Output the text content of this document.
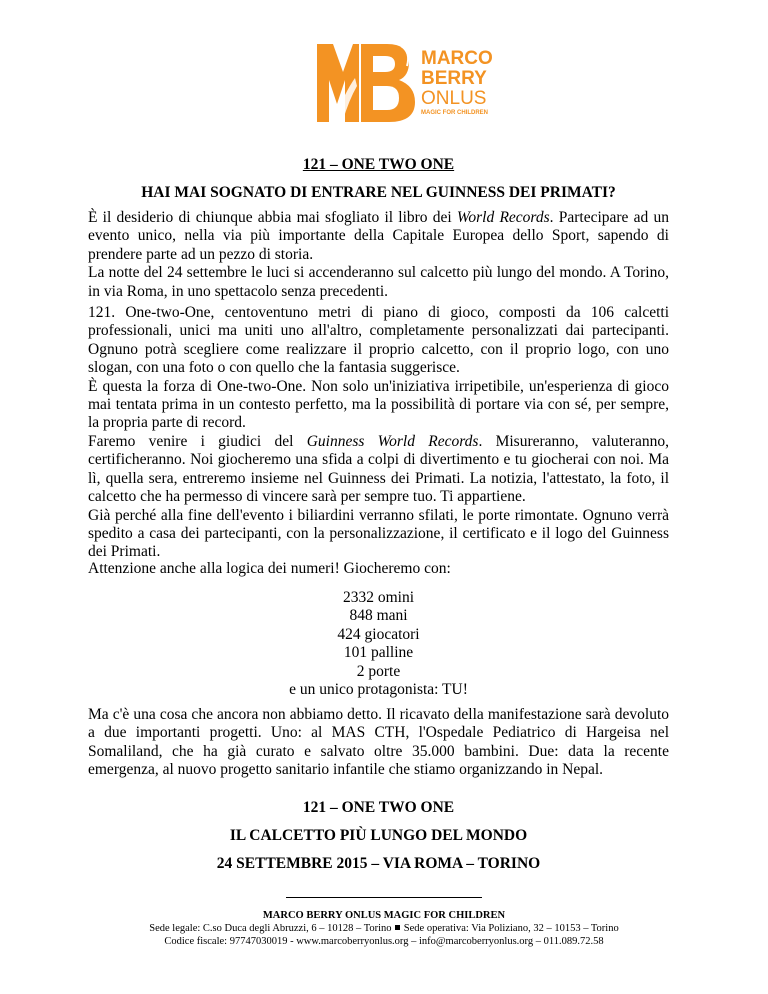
MARCO
BERRY
ONLUS
MAGIC FOR CHILDREN
121 – ONE TWO ONE
HAI MAI SOGNATO DI ENTRARE NEL GUINNESS DEI PRIMATI?

È il desiderio di chiunque abbia mai sfogliato il libro dei World Records. Partecipare ad un evento unico, nella via più importante della Capitale Europea dello Sport, sapendo di prendere parte ad un pezzo di storia.

La notte del 24 settembre le luci si accenderanno sul calcetto più lungo del mondo. A Torino, in via Roma, in uno spettacolo senza precedenti.

121. One-two-One, centoventuno metri di piano di gioco, composti da 106 calcetti professionali, unici ma uniti uno all'altro, completamente personalizzati dai partecipanti. Ognuno potrà scegliere come realizzare il proprio calcetto, con il proprio logo, con uno slogan, con una foto o con quello che la fantasia suggerisce.

È questa la forza di One-two-One. Non solo un'iniziativa irripetibile, un'esperienza di gioco mai tentata prima in un contesto perfetto, ma la possibilità di portare via con sé, per sempre, la propria parte di record.

Faremo venire i giudici del Guinness World Records. Misureranno, valuteranno, certificheranno. Noi giocheremo una sfida a colpi di divertimento e tu giocherai con noi. Ma lì, quella sera, entreremo insieme nel Guinness dei Primati. La notizia, l'attestato, la foto, il calcetto che ha permesso di vincere sarà per sempre tuo. Ti appartiene.

Già perché alla fine dell'evento i biliardini verranno sfilati, le porte rimontate. Ognuno verrà spedito a casa dei partecipanti, con la personalizzazione, il certificato e il logo del Guinness dei Primati.

Attenzione anche alla logica dei numeri! Giocheremo con:

2332 omini
848 mani
424 giocatori
101 palline
2 porte
e un unico protagonista: TU!

Ma c'è una cosa che ancora non abbiamo detto. Il ricavato della manifestazione sarà devoluto a due importanti progetti. Uno: al MAS CTH, l'Ospedale Pediatrico di Hargeisa nel Somaliland, che ha già curato e salvato oltre 35.000 bambini. Due: data la recente emergenza, al nuovo progetto sanitario infantile che stiamo organizzando in Nepal.

121 – ONE TWO ONE
IL CALCETTO PIÙ LUNGO DEL MONDO
24 SETTEMBRE 2015 – VIA ROMA – TORINO
MARCO BERRY ONLUS MAGIC FOR CHILDREN
Sede legale: C.so Duca degli Abruzzi, 6 – 10128 – Torino Sede operativa: Via Poliziano, 32 – 10153 – Torino
Codice fiscale: 97747030019 - www.marcoberryonlus.org – info@marcoberryonlus.org – 011.089.72.58
